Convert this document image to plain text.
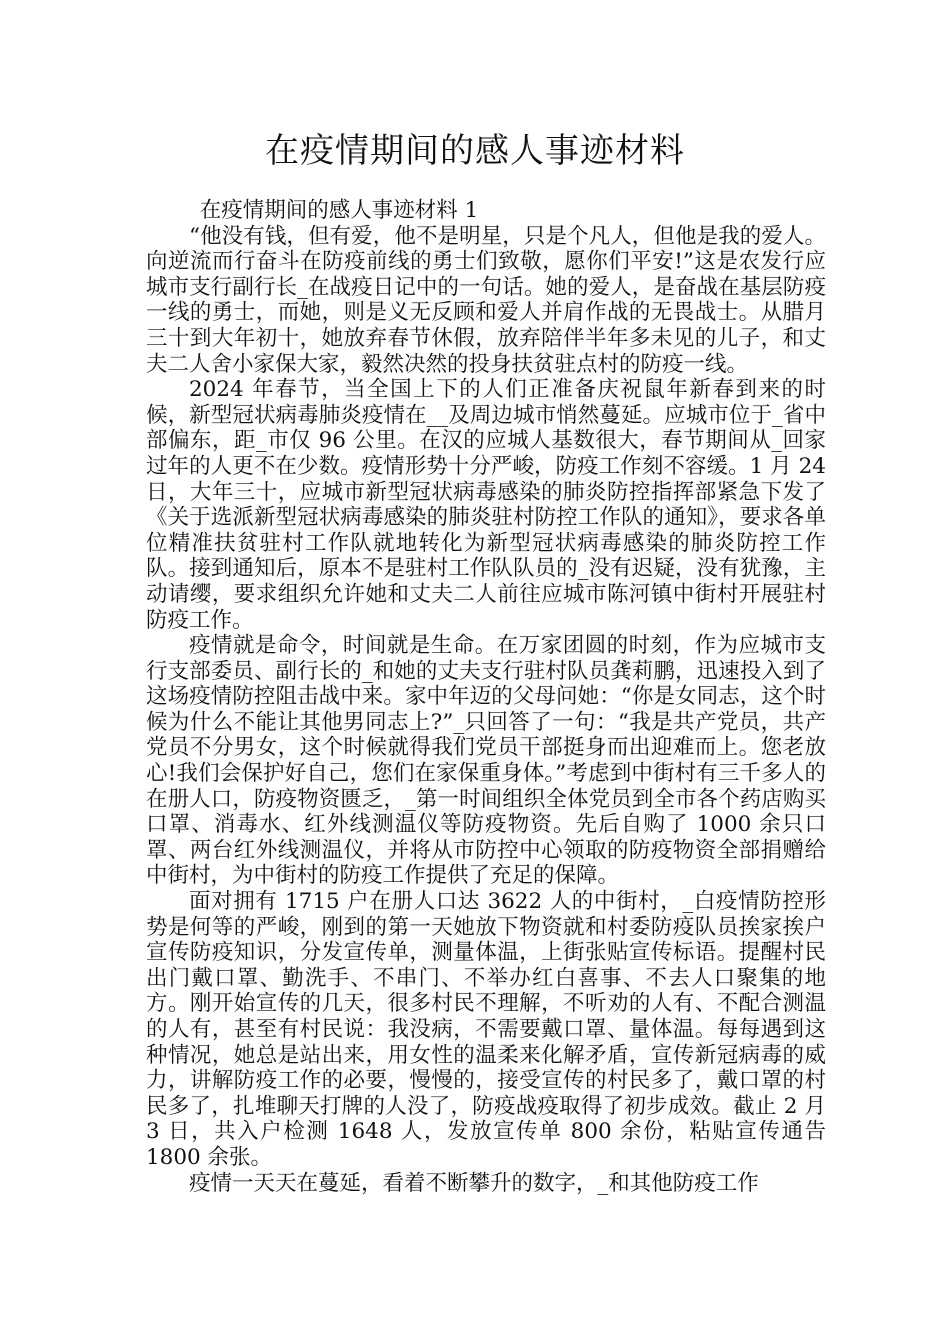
在疫情期间的感人事迹材料

在疫情期间的感人事迹材料 1

“他没有钱，但有爱，他不是明星，只是个凡人，但他是我的爱人。向逆流而行奋斗在防疫前线的勇士们致敬，愿你们平安!”这是农发行应城市支行副行长_在战疫日记中的一句话。她的爱人，是奋战在基层防疫一线的勇士，而她，则是义无反顾和爱人并肩作战的无畏战士。从腊月三十到大年初十，她放弃春节休假，放弃陪伴半年多未见的儿子，和丈夫二人舍小家保大家，毅然决然的投身扶贫驻点村的防疫一线。

2024 年春节，当全国上下的人们正准备庆祝鼠年新春到来的时候，新型冠状病毒肺炎疫情在__及周边城市悄然蔓延。应城市位于_省中部偏东，距_市仅 96 公里。在汉的应城人基数很大，春节期间从_回家过年的人更不在少数。疫情形势十分严峻，防疫工作刻不容缓。1 月 24 日，大年三十，应城市新型冠状病毒感染的肺炎防控指挥部紧急下发了《关于选派新型冠状病毒感染的肺炎驻村防控工作队的通知》，要求各单位精准扶贫驻村工作队就地转化为新型冠状病毒感染的肺炎防控工作队。接到通知后，原本不是驻村工作队队员的_没有迟疑，没有犹豫，主动请缨，要求组织允许她和丈夫二人前往应城市陈河镇中街村开展驻村防疫工作。

疫情就是命令，时间就是生命。在万家团圆的时刻，作为应城市支行支部委员、副行长的_和她的丈夫支行驻村队员龚莉鹏，迅速投入到了这场疫情防控阻击战中来。家中年迈的父母问她：“你是女同志，这个时候为什么不能让其他男同志上?”_只回答了一句：“我是共产党员，共产党员不分男女，这个时候就得我们党员干部挺身而出迎难而上。您老放心!我们会保护好自己，您们在家保重身体。”考虑到中街村有三千多人的在册人口，防疫物资匮乏，_第一时间组织全体党员到全市各个药店购买口罩、消毒水、红外线测温仪等防疫物资。先后自购了 1000 余只口罩、两台红外线测温仪，并将从市防控中心领取的防疫物资全部捐赠给中街村，为中街村的防疫工作提供了充足的保障。

面对拥有 1715 户在册人口达 3622 人的中街村，_白疫情防控形势是何等的严峻，刚到的第一天她放下物资就和村委防疫队员挨家挨户宣传防疫知识，分发宣传单，测量体温，上街张贴宣传标语。提醒村民出门戴口罩、勤洗手、不串门、不举办红白喜事、不去人口聚集的地方。刚开始宣传的几天，很多村民不理解，不听劝的人有、不配合测温的人有，甚至有村民说：我没病，不需要戴口罩、量体温。每每遇到这种情况，她总是站出来，用女性的温柔来化解矛盾，宣传新冠病毒的威力，讲解防疫工作的必要，慢慢的，接受宣传的村民多了，戴口罩的村民多了，扎堆聊天打牌的人没了，防疫战疫取得了初步成效。截止 2 月 3 日，共入户检测 1648 人，发放宣传单 800 余份，粘贴宣传通告 1800 余张。

疫情一天天在蔓延，看着不断攀升的数字，_和其他防疫工作
